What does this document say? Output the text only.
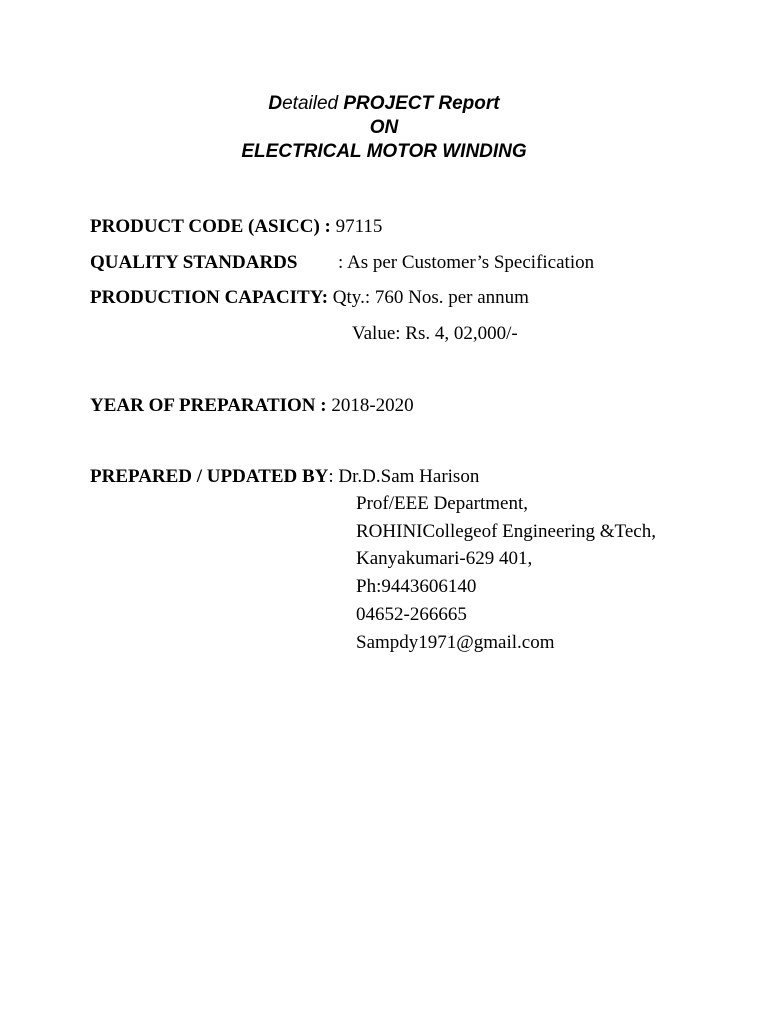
Detailed PROJECT Report
ON
ELECTRICAL MOTOR WINDING
PRODUCT CODE (ASICC) : 97115
QUALITY STANDARDS : As per Customer’s Specification
PRODUCTION CAPACITY: Qty.: 760 Nos. per annum
Value: Rs. 4, 02,000/-
YEAR OF PREPARATION : 2018-2020
PREPARED / UPDATED BY: Dr.D.Sam Harison
Prof/EEE Department,
ROHINICollegeof Engineering &Tech,
Kanyakumari-629 401,
Ph:9443606140
04652-266665
Sampdy1971@gmail.com
